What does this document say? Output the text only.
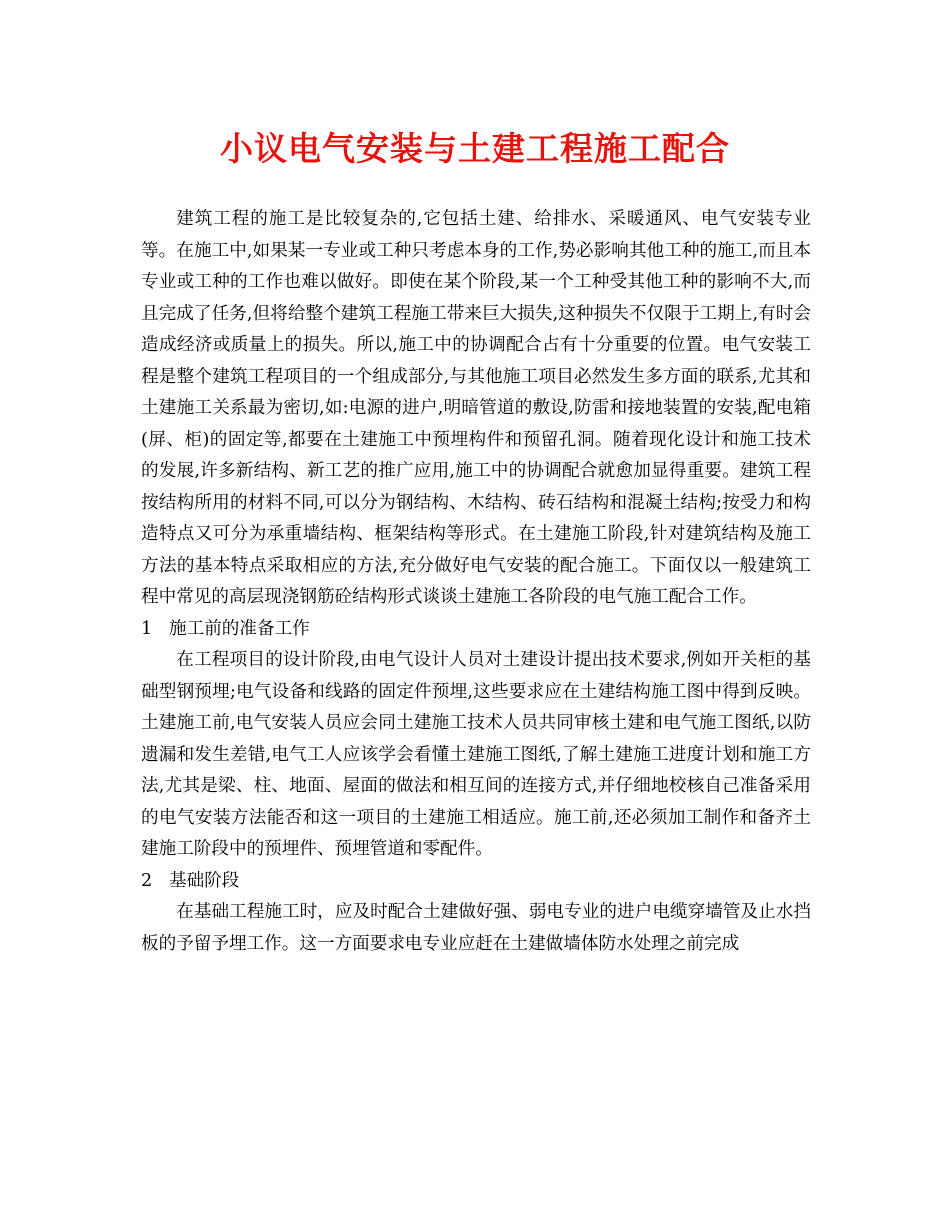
小议电气安装与土建工程施工配合

建筑工程的施工是比较复杂的,它包括土建、给排水、采暖通风、电气安装专业等。在施工中,如果某一专业或工种只考虑本身的工作,势必影响其他工种的施工,而且本专业或工种的工作也难以做好。即使在某个阶段,某一个工种受其他工种的影响不大,而且完成了任务,但将给整个建筑工程施工带来巨大损失,这种损失不仅限于工期上,有时会造成经济或质量上的损失。所以,施工中的协调配合占有十分重要的位置。电气安装工程是整个建筑工程项目的一个组成部分,与其他施工项目必然发生多方面的联系,尤其和土建施工关系最为密切,如:电源的进户,明暗管道的敷设,防雷和接地装置的安装,配电箱(屏、柜)的固定等,都要在土建施工中预埋构件和预留孔洞。随着现化设计和施工技术的发展,许多新结构、新工艺的推广应用,施工中的协调配合就愈加显得重要。建筑工程按结构所用的材料不同,可以分为钢结构、木结构、砖石结构和混凝土结构;按受力和构造特点又可分为承重墙结构、框架结构等形式。在土建施工阶段,针对建筑结构及施工方法的基本特点采取相应的方法,充分做好电气安装的配合施工。下面仅以一般建筑工程中常见的高层现浇钢筋砼结构形式谈谈土建施工各阶段的电气施工配合工作。

1 施工前的准备工作

在工程项目的设计阶段,由电气设计人员对土建设计提出技术要求,例如开关柜的基础型钢预埋;电气设备和线路的固定件预埋,这些要求应在土建结构施工图中得到反映。土建施工前,电气安装人员应会同土建施工技术人员共同审核土建和电气施工图纸,以防遗漏和发生差错,电气工人应该学会看懂土建施工图纸,了解土建施工进度计划和施工方法,尤其是梁、柱、地面、屋面的做法和相互间的连接方式,并仔细地校核自己准备采用的电气安装方法能否和这一项目的土建施工相适应。施工前,还必须加工制作和备齐土建施工阶段中的预埋件、预埋管道和零配件。

2 基础阶段

在基础工程施工时，应及时配合土建做好强、弱电专业的进户电缆穿墙管及止水挡板的予留予埋工作。这一方面要求电专业应赶在土建做墙体防水处理之前完成
